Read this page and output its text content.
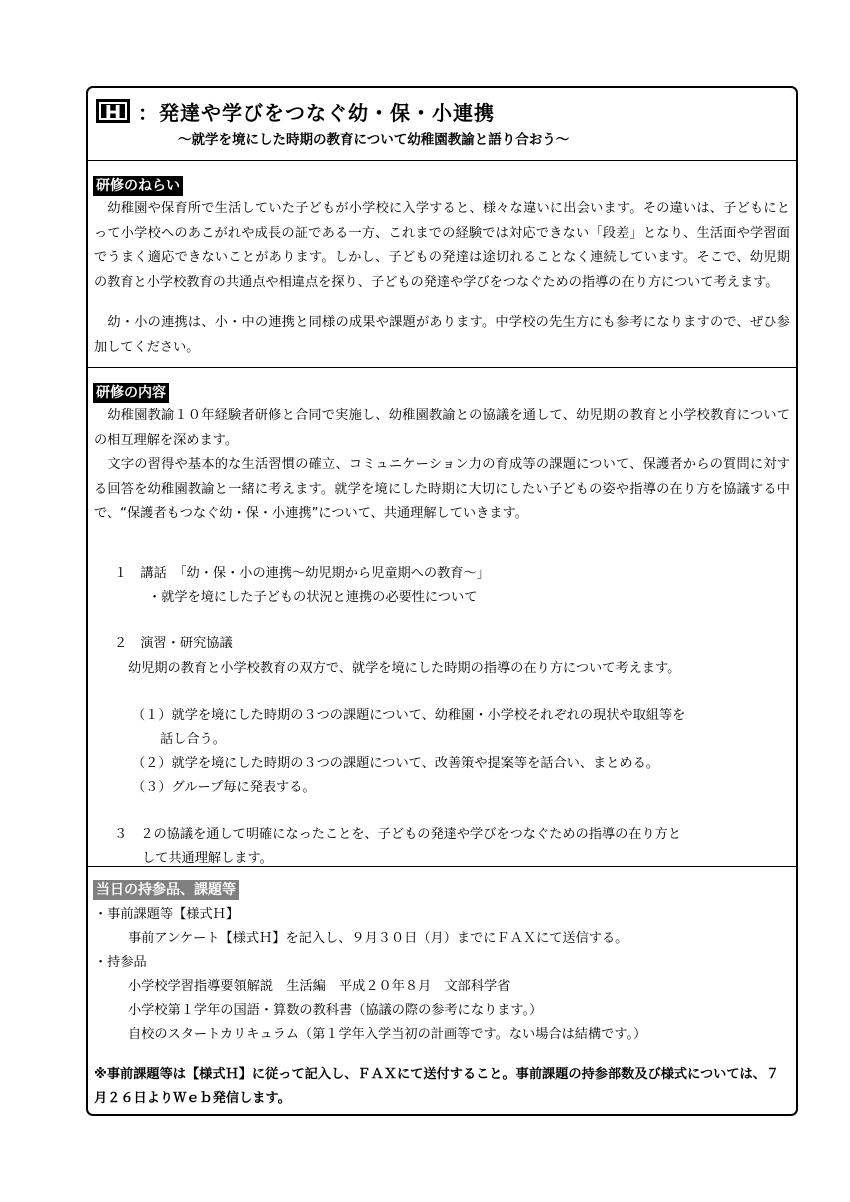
H ：発達や学びをつなぐ幼・保・小連携
～就学を境にした時期の教育について幼稚園教諭と語り合おう～
研修のねらい
　幼稚園や保育所で生活していた子どもが小学校に入学すると、様々な違いに出会います。その違いは、子どもにとって小学校へのあこがれや成長の証である一方、これまでの経験では対応できない「段差」となり、生活面や学習面でうまく適応できないことがあります。しかし、子どもの発達は途切れることなく連続しています。そこで、幼児期の教育と小学校教育の共通点や相違点を探り、子どもの発達や学びをつなぐための指導の在り方について考えます。
　幼・小の連携は、小・中の連携と同様の成果や課題があります。中学校の先生方にも参考になりますので、ぜひ参加してください。
研修の内容
　幼稚園教諭１０年経験者研修と合同で実施し、幼稚園教諭との協議を通して、幼児期の教育と小学校教育についての相互理解を深めます。
　文字の習得や基本的な生活習慣の確立、コミュニケーション力の育成等の課題について、保護者からの質問に対する回答を幼稚園教諭と一緒に考えます。就学を境にした時期に大切にしたい子どもの姿や指導の在り方を協議する中で、“保護者もつなぐ幼・保・小連携”について、共通理解していきます。
１　講話　「幼・保・小の連携～幼児期から児童期への教育～」
・就学を境にした子どもの状況と連携の必要性について
２　演習・研究協議
幼児期の教育と小学校教育の双方で、就学を境にした時期の指導の在り方について考えます。
（１）就学を境にした時期の３つの課題について、幼稚園・小学校それぞれの現状や取組等を
話し合う。
（２）就学を境にした時期の３つの課題について、改善策や提案等を話合い、まとめる。
（３）グループ毎に発表する。
３　２の協議を通して明確になったことを、子どもの発達や学びをつなぐための指導の在り方と
して共通理解します。
当日の持参品、課題等
・事前課題等【様式Ｈ】
事前アンケート【様式Ｈ】を記入し、９月３０日（月）までにＦＡＸにて送信する。
・持参品
小学校学習指導要領解説　生活編　平成２０年８月　文部科学省
小学校第１学年の国語・算数の教科書（協議の際の参考になります。）
自校のスタートカリキュラム（第１学年入学当初の計画等です。ない場合は結構です。）
※事前課題等は【様式Ｈ】に従って記入し、ＦＡＸにて送付すること。事前課題の持参部数及び様式については、７月２６日よりＷｅｂ発信します。
